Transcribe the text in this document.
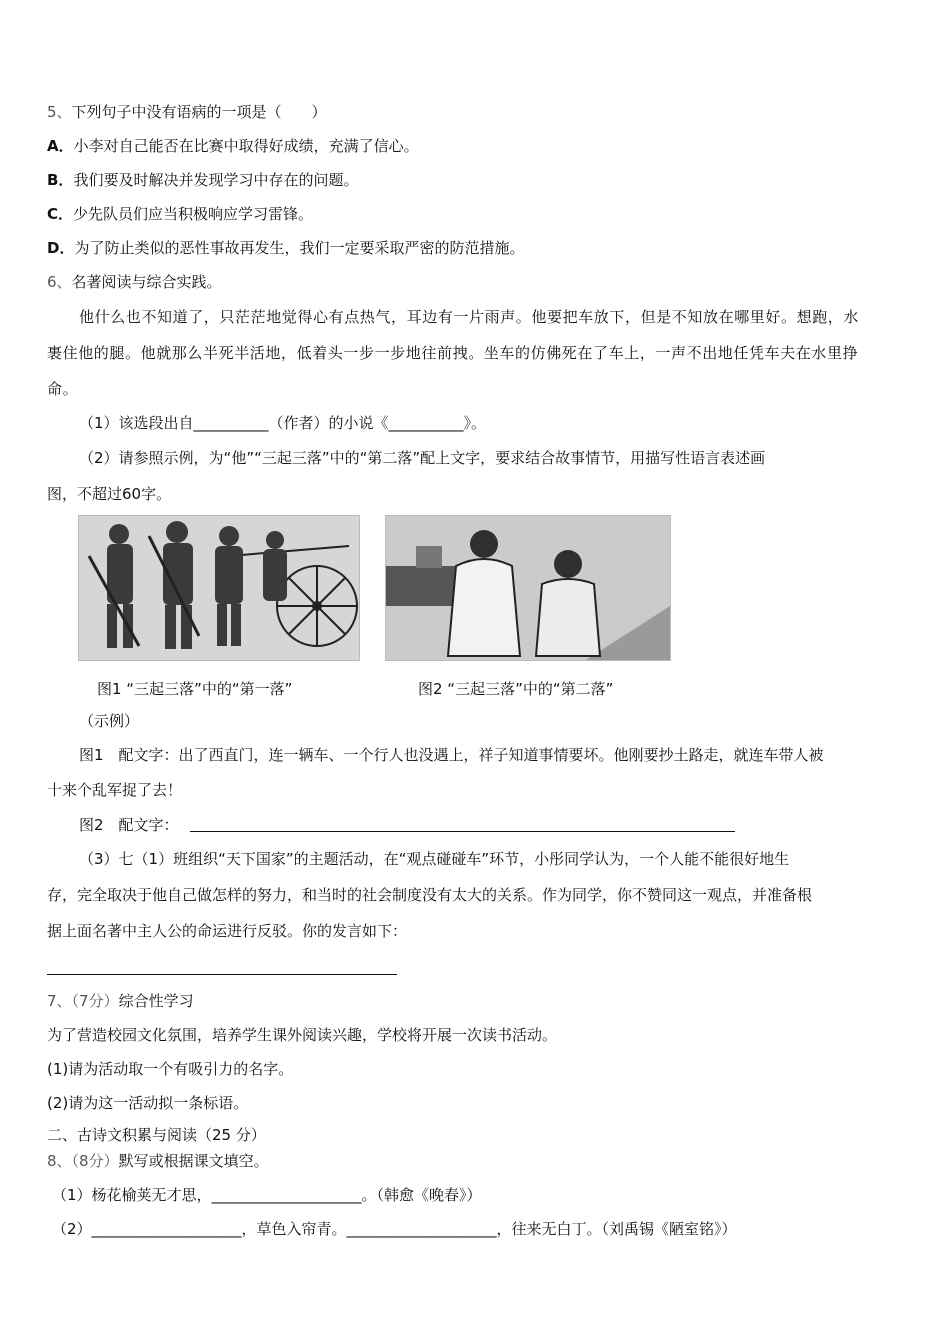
5、下列句子中没有语病的一项是（　　）
A．小李对自己能否在比赛中取得好成绩，充满了信心。
B．我们要及时解决并发现学习中存在的问题。
C．少先队员们应当积极响应学习雷锋。
D．为了防止类似的恶性事故再发生，我们一定要采取严密的防范措施。
6、名著阅读与综合实践。
他什么也不知道了，只茫茫地觉得心有点热气，耳边有一片雨声。他要把车放下，但是不知放在哪里好。想跑，水
裹住他的腿。他就那么半死半活地，低着头一步一步地往前拽。坐车的仿佛死在了车上，一声不出地任凭车夫在水里挣
命。
（1）该选段出自__________（作者）的小说《__________》。
（2）请参照示例，为“他”“三起三落”中的“第二落”配上文字，要求结合故事情节，用描写性语言表述画
图，不超过60字。
图1 “三起三落”中的“第一落”	图2 “三起三落”中的“第二落”
（示例）
图1　配文字：出了西直门，连一辆车、一个行人也没遇上，祥子知道事情要坏。他刚要抄土路走，就连车带人被
十来个乱军捉了去！
图2　配文字：
（3）七（1）班组织“天下国家”的主题活动，在“观点碰碰车”环节，小彤同学认为，一个人能不能很好地生
存，完全取决于他自己做怎样的努力，和当时的社会制度没有太大的关系。作为同学，你不赞同这一观点，并准备根
据上面名著中主人公的命运进行反驳。你的发言如下：
7、（7分）综合性学习
为了营造校园文化氛围，培养学生课外阅读兴趣，学校将开展一次读书活动。
(1)请为活动取一个有吸引力的名字。
(2)请为这一活动拟一条标语。
二、古诗文积累与阅读（25 分）
8、（8分）默写或根据课文填空。
（1）杨花榆荚无才思，____________________。（韩愈《晚春》）
（2）____________________，草色入帘青。____________________，往来无白丁。（刘禹锡《陋室铭》）
